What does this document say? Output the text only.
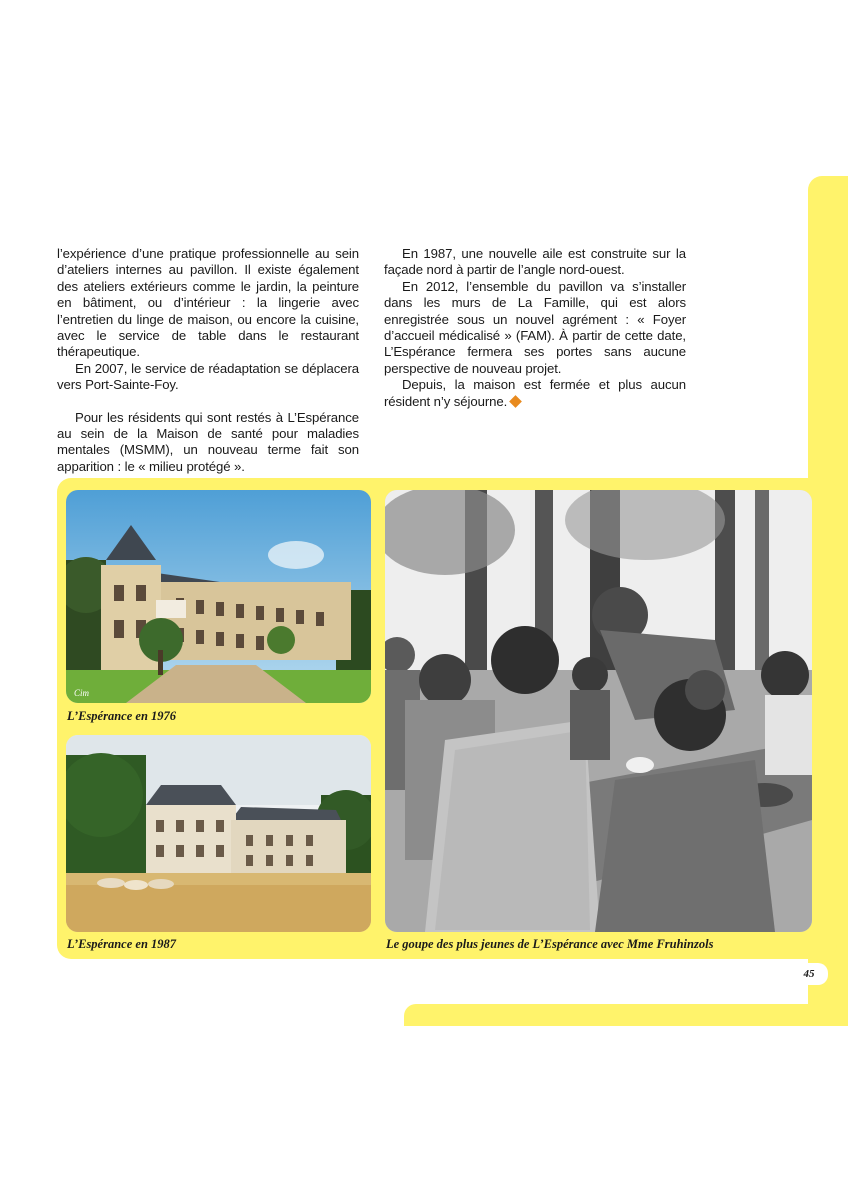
45

l’expérience d’une pratique professionnelle au sein d’ateliers internes au pavillon. Il existe également des ateliers extérieurs comme le jardin, la peinture en bâtiment, ou d’intérieur : la lingerie avec l’entretien du linge de maison, ou encore la cuisine, avec le service de table dans le restaurant thérapeutique.

En 2007, le service de réadaptation se déplacera vers Port-Sainte-Foy.

Pour les résidents qui sont restés à L’Espérance au sein de la Maison de santé pour maladies mentales (MSMM), un nouveau terme fait son apparition : le « milieu protégé ».

En 1987, une nouvelle aile est construite sur la façade nord à partir de l’angle nord-ouest.

En 2012, l’ensemble du pavillon va s’installer dans les murs de La Famille, qui est alors enregistrée sous un nouvel agrément : « Foyer d’accueil médicalisé » (FAM). À partir de cette date, L’Espérance fermera ses portes sans aucune perspective de nouveau projet.

Depuis, la maison est fermée et plus aucun résident n’y séjourne.

Cim
L’Espérance en 1976
L’Espérance en 1987	Le goupe des plus jeunes de L’Espérance avec Mme Fruhinzols
